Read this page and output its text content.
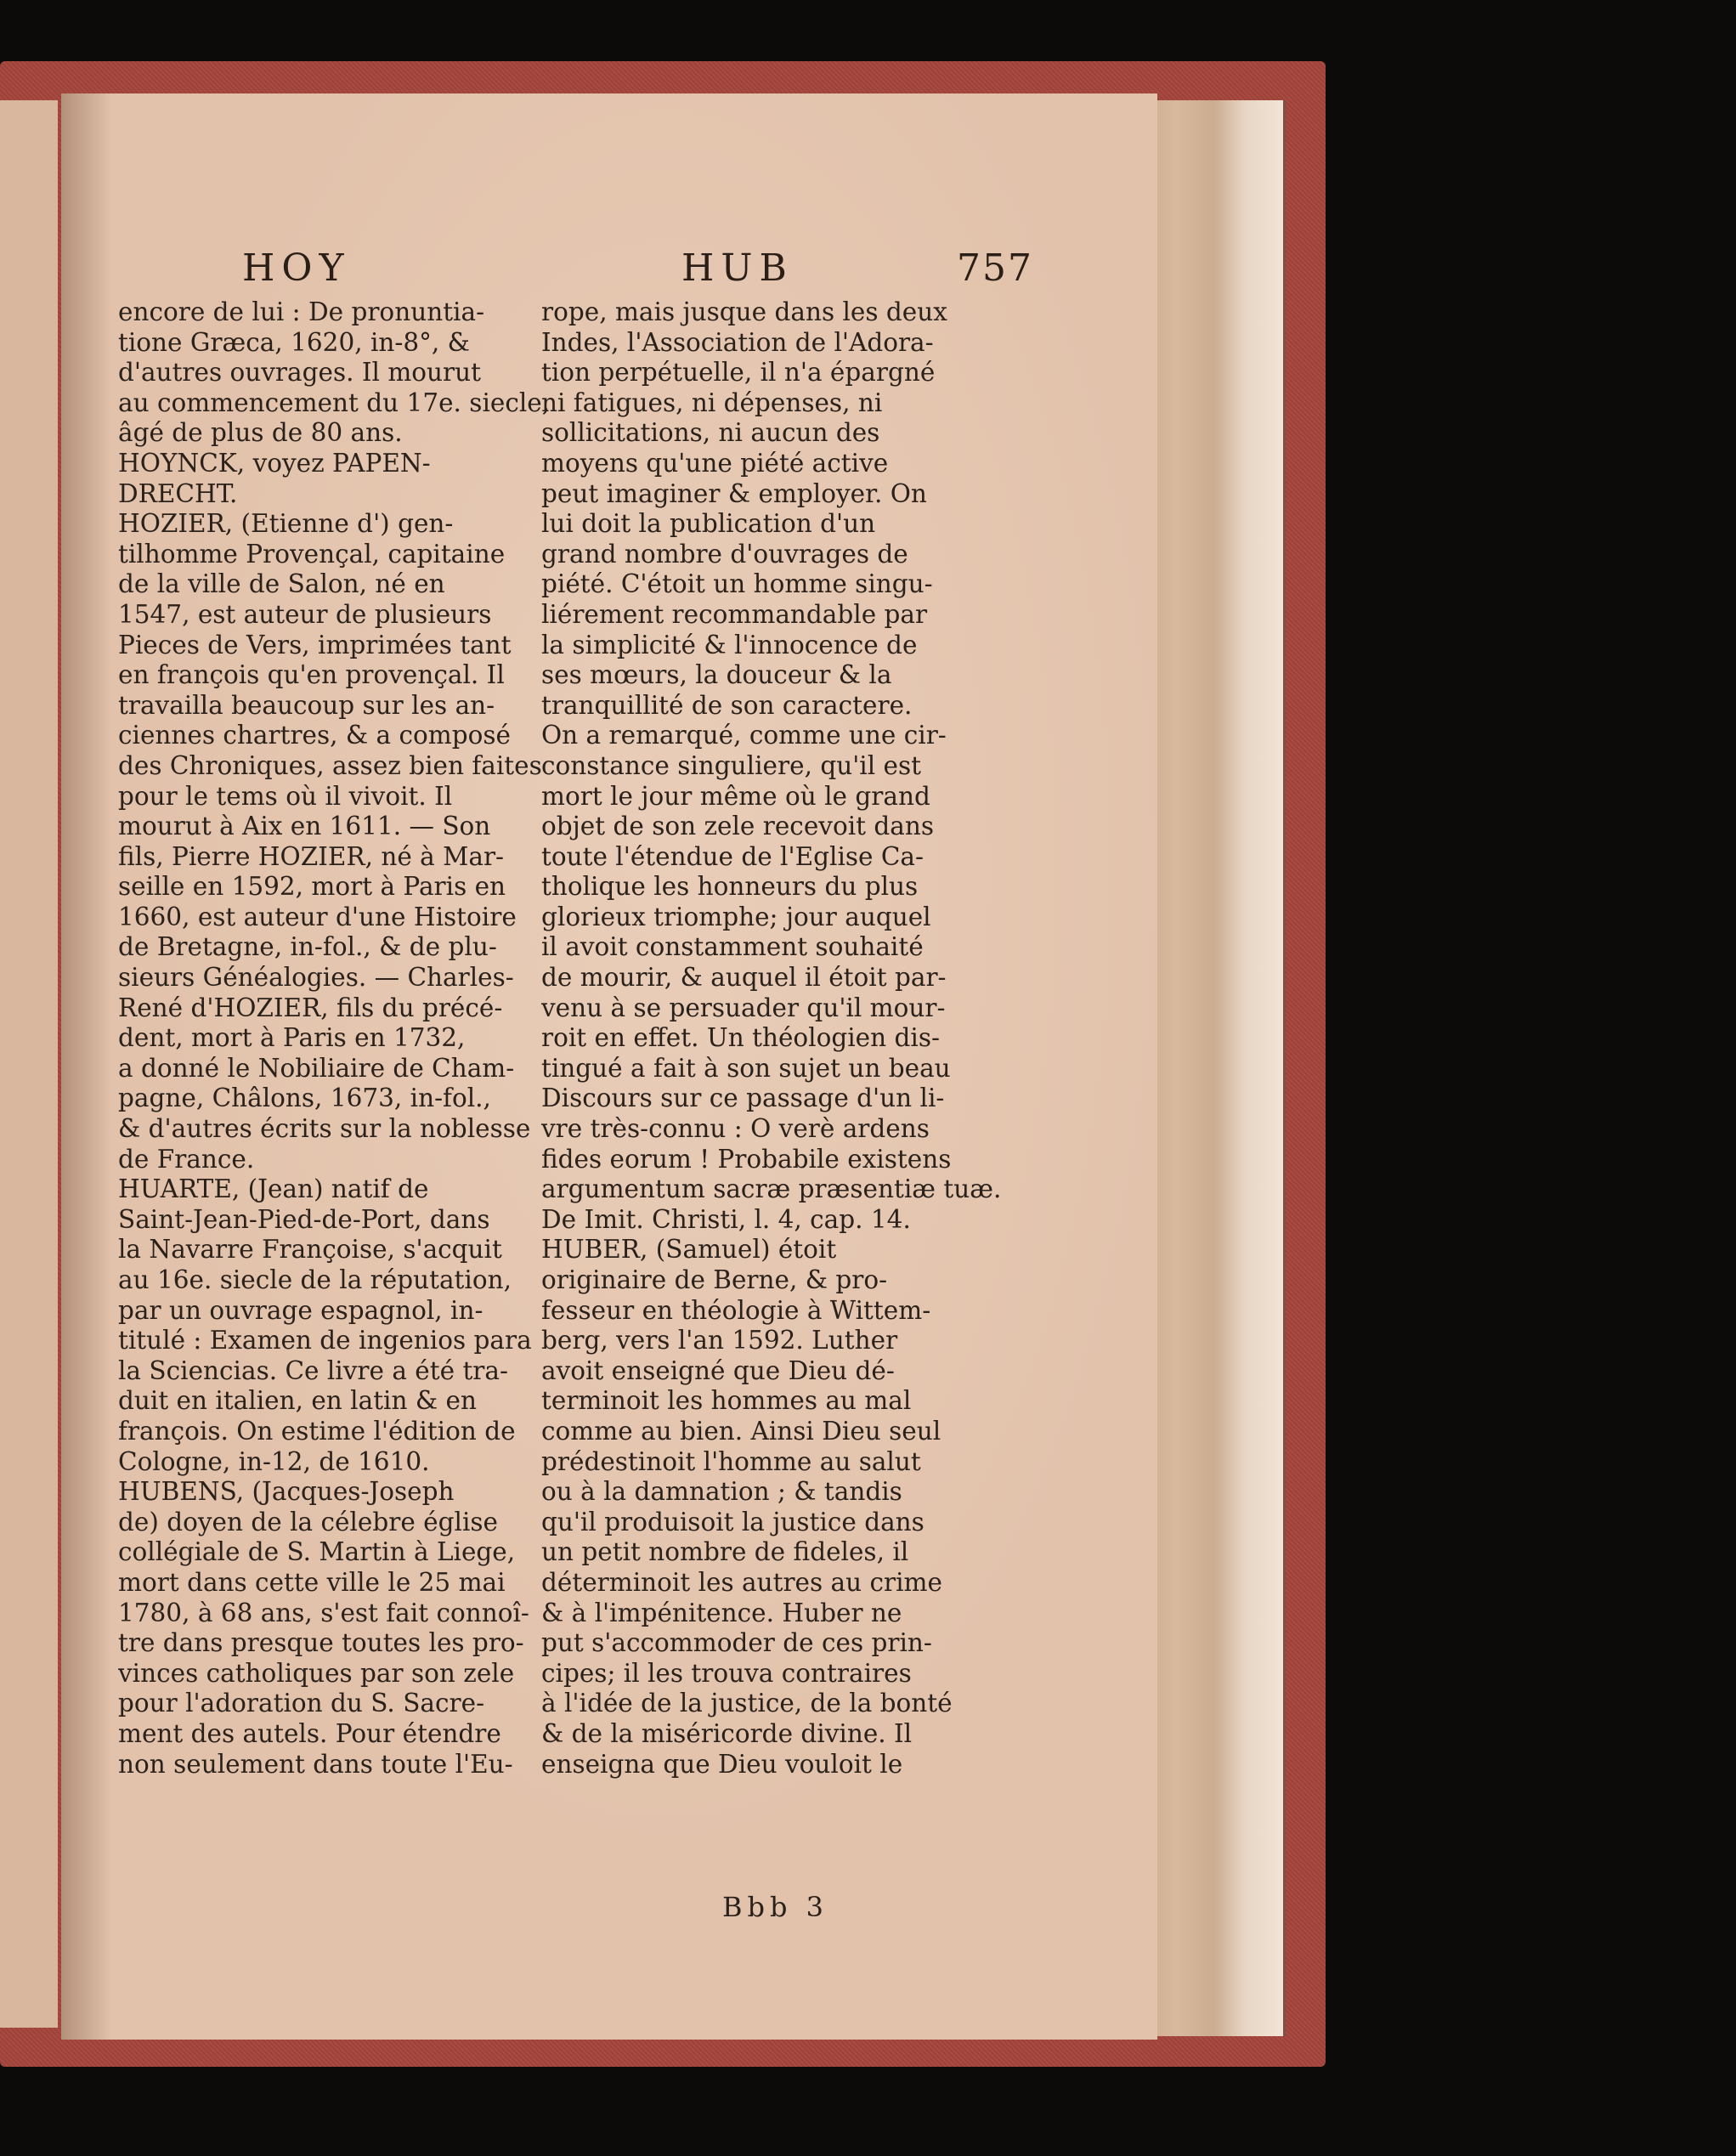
HOY	HUB	757
encore de lui : De pronuntia-
tione Græca, 1620, in-8°, &
d'autres ouvrages. Il mourut
au commencement du 17e. siecle,
âgé de plus de 80 ans.
HOYNCK, voyez PAPEN-
DRECHT.
HOZIER, (Etienne d') gen-
tilhomme Provençal, capitaine
de la ville de Salon, né en
1547, est auteur de plusieurs
Pieces de Vers, imprimées tant
en françois qu'en provençal. Il
travailla beaucoup sur les an-
ciennes chartres, & a composé
des Chroniques, assez bien faites
pour le tems où il vivoit. Il
mourut à Aix en 1611. — Son
fils, Pierre HOZIER, né à Mar-
seille en 1592, mort à Paris en
1660, est auteur d'une Histoire
de Bretagne, in-fol., & de plu-
sieurs Généalogies. — Charles-
René d'HOZIER, fils du précé-
dent, mort à Paris en 1732,
a donné le Nobiliaire de Cham-
pagne, Châlons, 1673, in-fol.,
& d'autres écrits sur la noblesse
de France.
HUARTE, (Jean) natif de
Saint-Jean-Pied-de-Port, dans
la Navarre Françoise, s'acquit
au 16e. siecle de la réputation,
par un ouvrage espagnol, in-
titulé : Examen de ingenios para
la Sciencias. Ce livre a été tra-
duit en italien, en latin & en
françois. On estime l'édition de
Cologne, in-12, de 1610.
HUBENS, (Jacques-Joseph
de) doyen de la célebre église
collégiale de S. Martin à Liege,
mort dans cette ville le 25 mai
1780, à 68 ans, s'est fait connoî-
tre dans presque toutes les pro-
vinces catholiques par son zele
pour l'adoration du S. Sacre-
ment des autels. Pour étendre
non seulement dans toute l'Eu-
rope, mais jusque dans les deux
Indes, l'Association de l'Adora-
tion perpétuelle, il n'a épargné
ni fatigues, ni dépenses, ni
sollicitations, ni aucun des
moyens qu'une piété active
peut imaginer & employer. On
lui doit la publication d'un
grand nombre d'ouvrages de
piété. C'étoit un homme singu-
liérement recommandable par
la simplicité & l'innocence de
ses mœurs, la douceur & la
tranquillité de son caractere.
On a remarqué, comme une cir-
constance singuliere, qu'il est
mort le jour même où le grand
objet de son zele recevoit dans
toute l'étendue de l'Eglise Ca-
tholique les honneurs du plus
glorieux triomphe; jour auquel
il avoit constamment souhaité
de mourir, & auquel il étoit par-
venu à se persuader qu'il mour-
roit en effet. Un théologien dis-
tingué a fait à son sujet un beau
Discours sur ce passage d'un li-
vre très-connu : O verè ardens
fides eorum ! Probabile existens
argumentum sacræ præsentiæ tuæ.
De Imit. Christi, l. 4, cap. 14.
HUBER, (Samuel) étoit
originaire de Berne, & pro-
fesseur en théologie à Wittem-
berg, vers l'an 1592. Luther
avoit enseigné que Dieu dé-
terminoit les hommes au mal
comme au bien. Ainsi Dieu seul
prédestinoit l'homme au salut
ou à la damnation ; & tandis
qu'il produisoit la justice dans
un petit nombre de fideles, il
déterminoit les autres au crime
& à l'impénitence. Huber ne
put s'accommoder de ces prin-
cipes; il les trouva contraires
à l'idée de la justice, de la bonté
& de la miséricorde divine. Il
enseigna que Dieu vouloit le
Bbb 3
